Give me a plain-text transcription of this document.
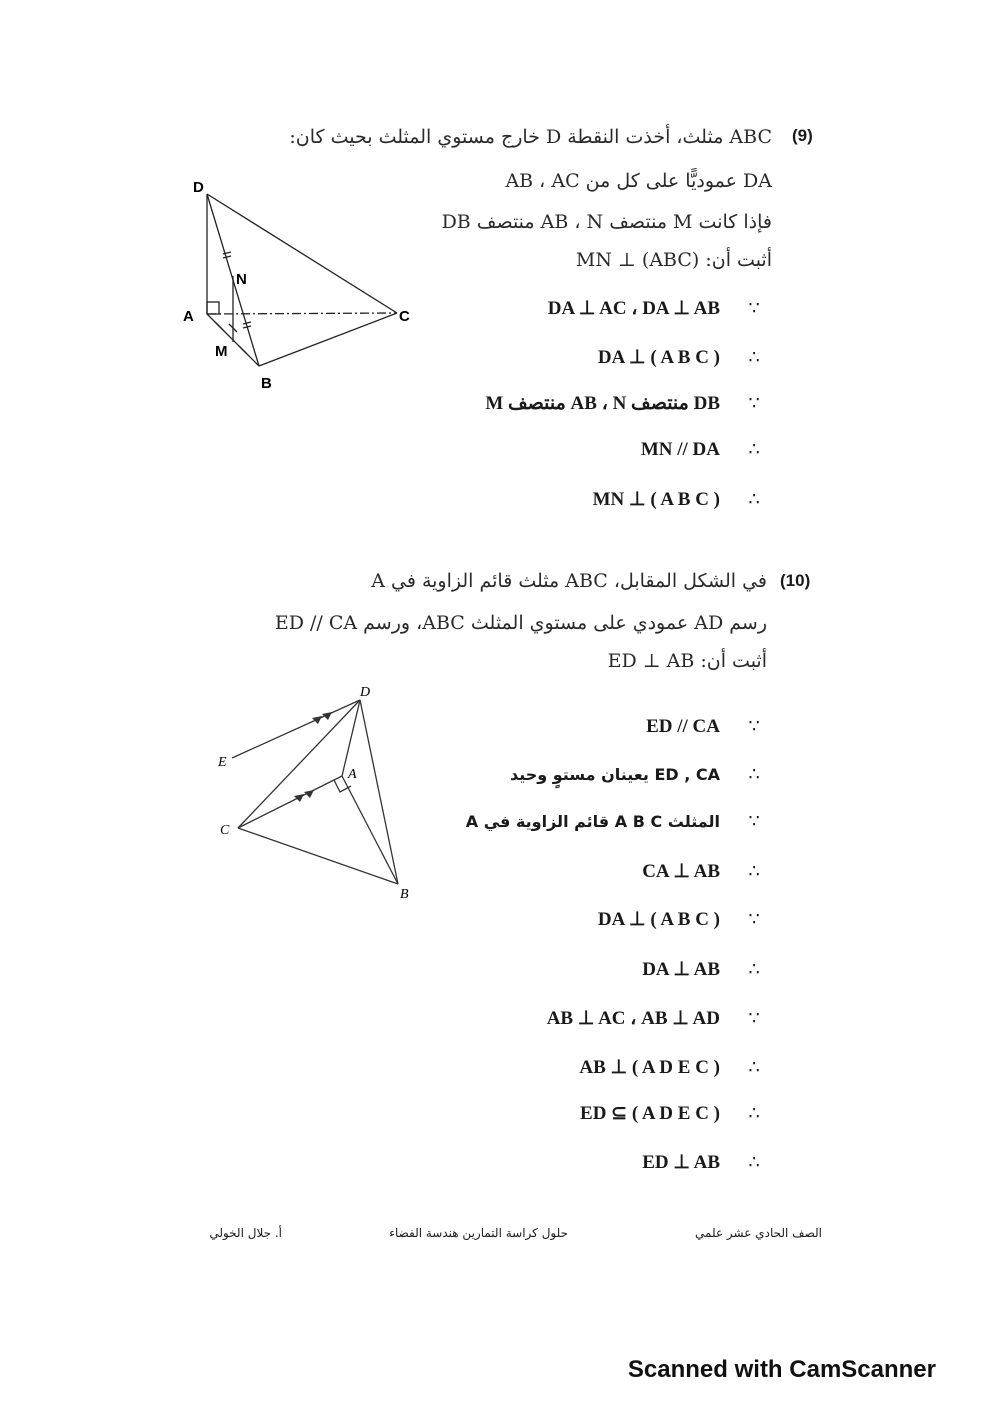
(9)
ABC مثلث، أخذت النقطة D خارج مستوي المثلث بحيث كان:
DA عموديًّا على كل من AB ، AC
فإذا كانت M منتصف AB ، N منتصف DB
أثبت أن: MN ⊥ (ABC)
D
N
A	C
M
B
DA ⊥ AC ، DA ⊥ AB	∵
DA ⊥ ( A B C )	∴
M منتصف AB ، N منتصف DB	∵
MN // DA	∴
MN ⊥ ( A B C )	∴
(10)
في الشكل المقابل، ABC مثلث قائم الزاوية في A
رسم AD عمودي على مستوي المثلث ABC، ورسم ED // CA
أثبت أن: ED ⊥ AB
D
E
A
C
B
ED // CA	∵
ED , CA يعينان مستوٍ وحيد	∴
المثلث A B C قائم الزاوية في A	∵
CA ⊥ AB	∴
DA ⊥ ( A B C )	∵
DA ⊥ AB	∴
AB ⊥ AC ، AB ⊥ AD	∵
AB ⊥ ( A D E C )	∴
ED ⊆ ( A D E C )	∴
ED ⊥ AB	∴
الصف الحادي عشر علمي
حلول كراسة التمارين هندسة الفضاء
أ. جلال الخولي
Scanned with CamScanner
